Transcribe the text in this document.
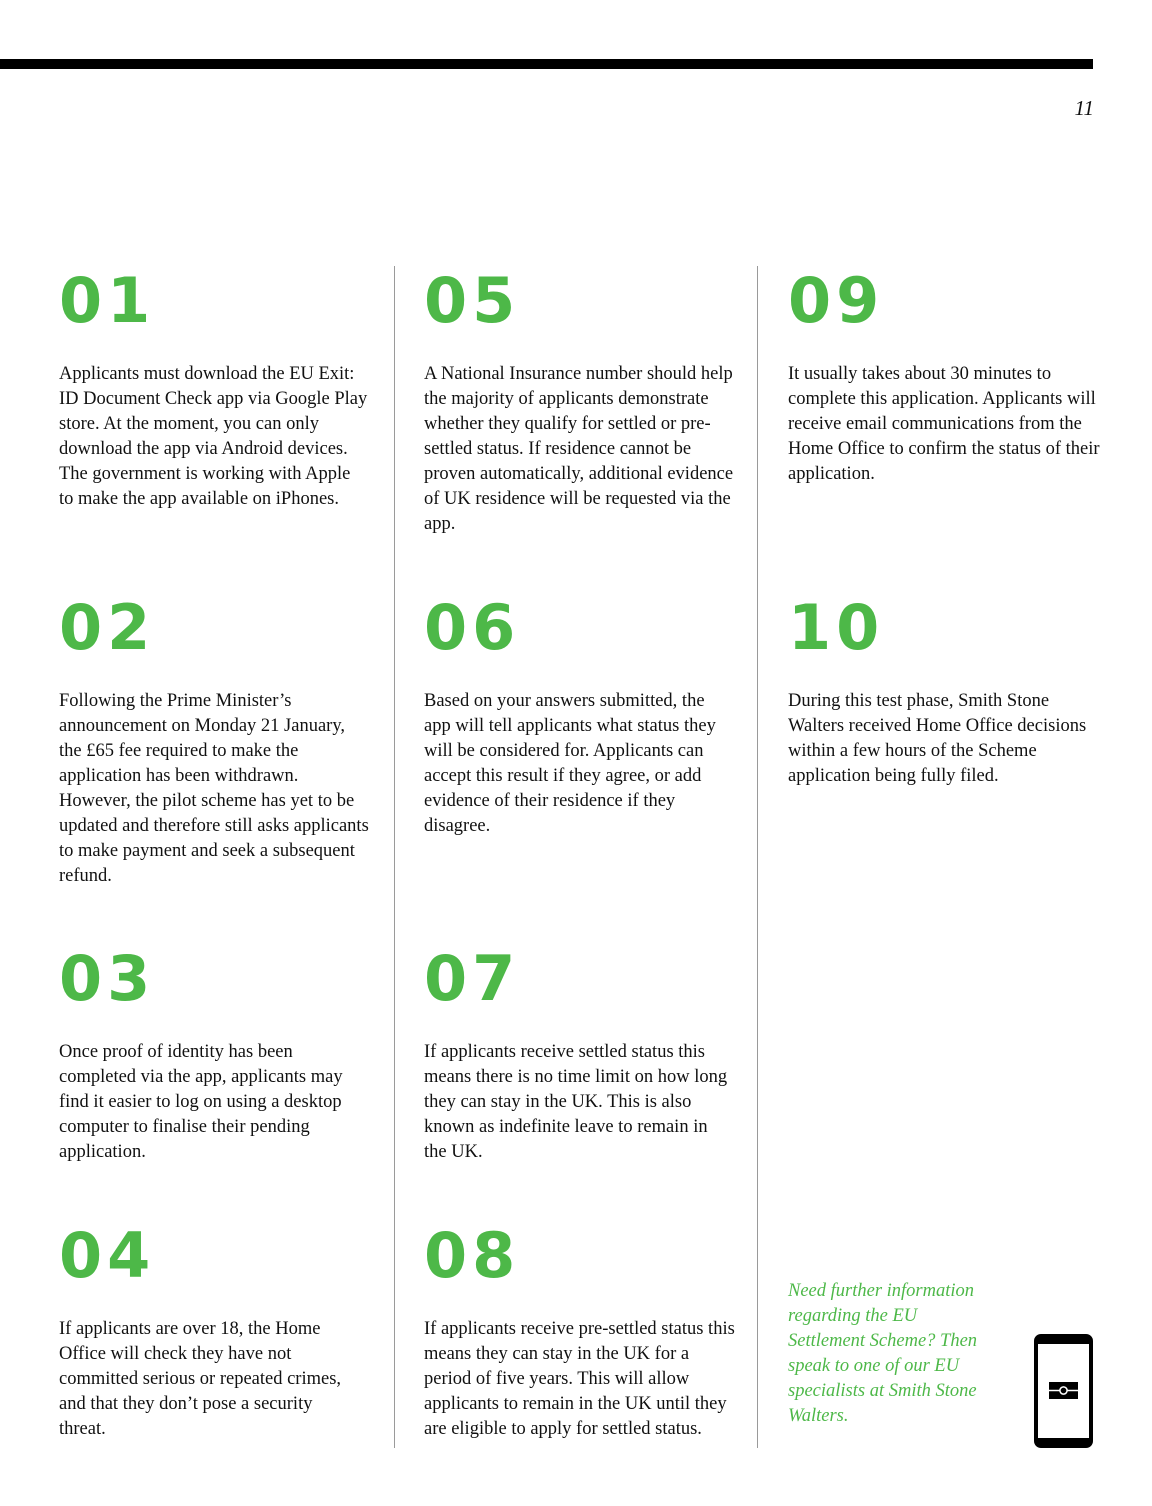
11
01

Applicants must download the EU Exit: ID Document Check app via Google Play store. At the moment, you can only download the app via Android devices. The government is working with Apple to make the app available on iPhones.

02

Following the Prime Minister’s announcement on Monday 21 January, the £65 fee required to make the application has been withdrawn. However, the pilot scheme has yet to be updated and therefore still asks applicants to make payment and seek a subsequent refund.

03

Once proof of identity has been completed via the app, applicants may find it easier to log on using a desktop computer to finalise their pending application.

04

If applicants are over 18, the Home Office will check they have not committed serious or repeated crimes, and that they don’t pose a security threat.

05

A National Insurance number should help the majority of applicants demonstrate whether they qualify for settled or pre-settled status. If residence cannot be proven automatically, additional evidence of UK residence will be requested via the app.

06

Based on your answers submitted, the app will tell applicants what status they will be considered for. Applicants can accept this result if they agree, or add evidence of their residence if they disagree.

07

If applicants receive settled status this means there is no time limit on how long they can stay in the UK. This is also known as indefinite leave to remain in the UK.

08

If applicants receive pre-settled status this means they can stay in the UK for a period of five years. This will allow applicants to remain in the UK until they are eligible to apply for settled status.

09

It usually takes about 30 minutes to complete this application. Applicants will receive email communications from the Home Office to confirm the status of their application.

10

During this test phase, Smith Stone Walters received Home Office decisions within a few hours of the Scheme application being fully filed.

Need further information regarding the EU Settlement Scheme? Then speak to one of our EU specialists at Smith Stone Walters.
